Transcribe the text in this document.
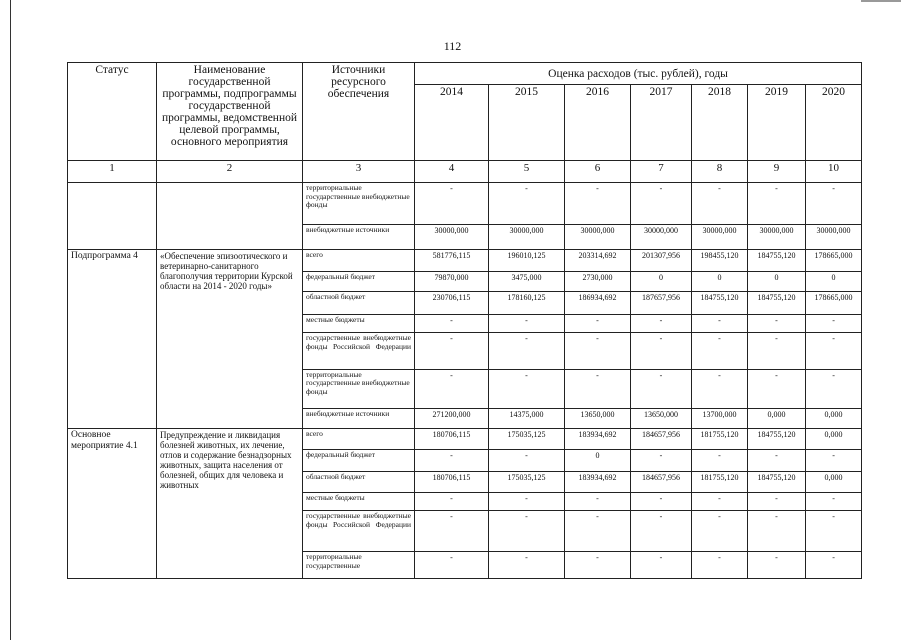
112
Статус	Наименование государственной программы, подпрограммы государственной программы, ведомственной целевой программы, основного мероприятия	Источники ресурсного обеспечения	Оценка расходов (тыс. рублей), годы						
			2014	2015	2016	2017	2018	2019	2020
1	2	3	4	5	6	7	8	9	10
		территориальные государственные внебюджетные фонды	-	-	-	-	-	-	-
		внебюджетные источники	30000,000	30000,000	30000,000	30000,000	30000,000	30000,000	30000,000
Подпрограмма 4	«Обеспечение эпизоотического и ветеринарно-санитарного благополучия территории Курской области на 2014 - 2020 годы»	всего	581776,115	196010,125	203314,692	201307,956	198455,120	184755,120	178665,000
		федеральный бюджет	79870,000	3475,000	2730,000	0	0	0	0
		областной бюджет	230706,115	178160,125	186934,692	187657,956	184755,120	184755,120	178665,000
		местные бюджеты	-	-	-	-	-	-	-
		государственные внебюджетные фонды Российской Федерации	-	-	-	-	-	-	-
		территориальные государственные внебюджетные фонды	-	-	-	-	-	-	-
		внебюджетные источники	271200,000	14375,000	13650,000	13650,000	13700,000	0,000	0,000
Основное мероприятие 4.1	Предупреждение и ликвидация болезней животных, их лечение, отлов и содержание безнадзорных животных, защита населения от болезней, общих для человека и животных	всего	180706,115	175035,125	183934,692	184657,956	181755,120	184755,120	0,000
		федеральный бюджет	-	-	0	-	-	-	-
		областной бюджет	180706,115	175035,125	183934,692	184657,956	181755,120	184755,120	0,000
		местные бюджеты	-	-	-	-	-	-	-
		государственные внебюджетные фонды Российской Федерации	-	-	-	-	-	-	-
		территориальные государственные	-	-	-	-	-	-	-
